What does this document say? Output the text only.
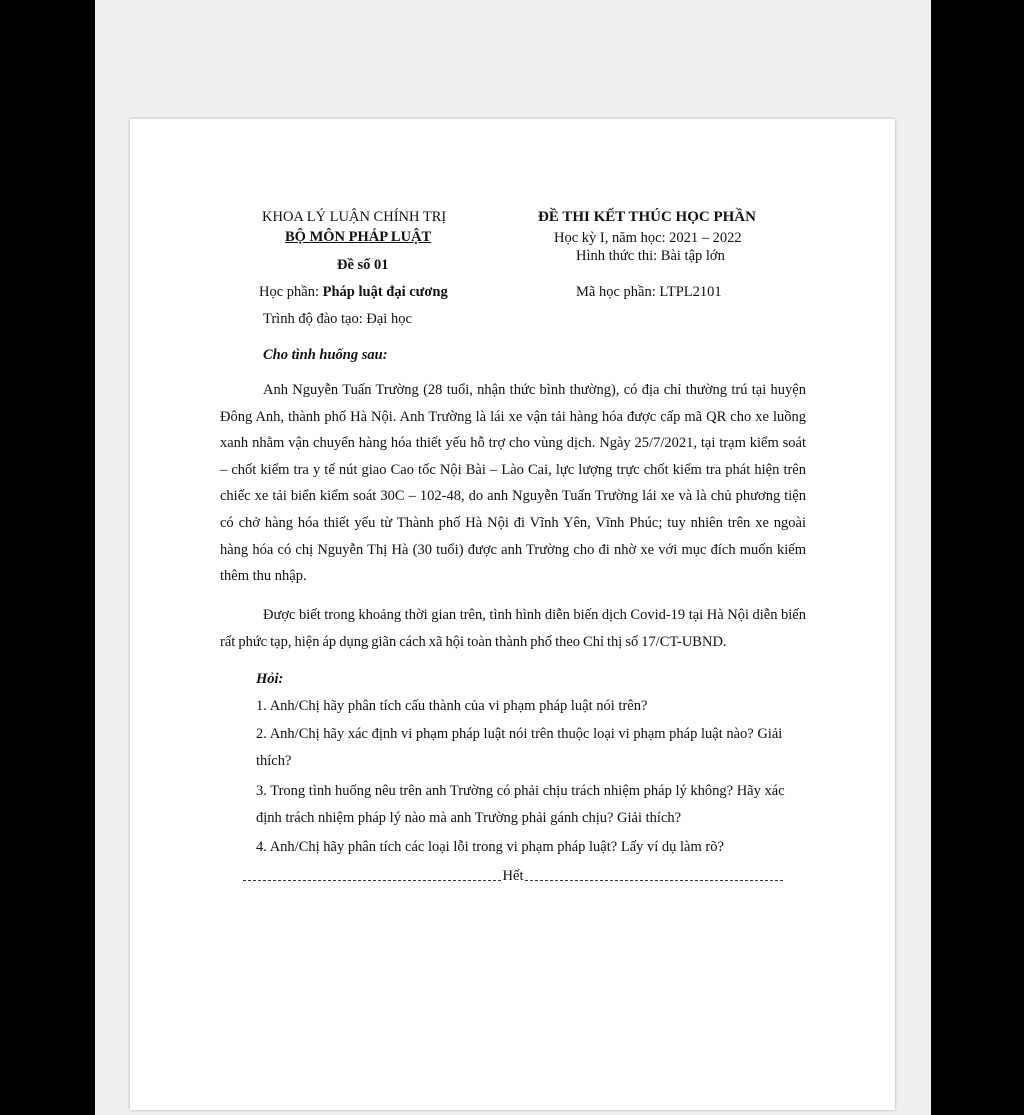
KHOA LÝ LUẬN CHÍNH TRỊ

BỘ MÔN PHÁP LUẬT

Đề số 01

ĐỀ THI KẾT THÚC HỌC PHẦN

Học kỳ I, năm học: 2021 – 2022

Hình thức thi: Bài tập lớn

Học phần: Pháp luật đại cương	Mã học phần: LTPL2101

Trình độ đào tạo: Đại học

Cho tình huống sau:

Anh Nguyễn Tuấn Trường (28 tuổi, nhận thức bình thường), có địa chỉ thường trú tại huyện Đông Anh, thành phố Hà Nội. Anh Trường là lái xe vận tải hàng hóa được cấp mã QR cho xe luồng xanh nhằm vận chuyển hàng hóa thiết yếu hỗ trợ cho vùng dịch. Ngày 25/7/2021, tại trạm kiểm soát – chốt kiểm tra y tế nút giao Cao tốc Nội Bài – Lào Cai, lực lượng trực chốt kiểm tra phát hiện trên chiếc xe tải biển kiểm soát 30C – 102-48, do anh Nguyễn Tuấn Trường lái xe và là chủ phương tiện có chở hàng hóa thiết yếu từ Thành phố Hà Nội đi Vĩnh Yên, Vĩnh Phúc; tuy nhiên trên xe ngoài hàng hóa có chị Nguyễn Thị Hà (30 tuổi) được anh Trường cho đi nhờ xe với mục đích muốn kiếm thêm thu nhập.

Được biết trong khoảng thời gian trên, tình hình diễn biến dịch Covid-19 tại Hà Nội diễn biến rất phức tạp, hiện áp dụng giãn cách xã hội toàn thành phố theo Chỉ thị số 17/CT-UBND.

Hỏi:

1. Anh/Chị hãy phân tích cấu thành của vi phạm pháp luật nói trên?

2. Anh/Chị hãy xác định vi phạm pháp luật nói trên thuộc loại vi phạm pháp luật nào? Giải thích?

3. Trong tình huống nêu trên anh Trường có phải chịu trách nhiệm pháp lý không? Hãy xác định trách nhiệm pháp lý nào mà anh Trường phải gánh chịu? Giải thích?

4. Anh/Chị hãy phân tích các loại lỗi trong vi phạm pháp luật? Lấy ví dụ làm rõ?

Hết
